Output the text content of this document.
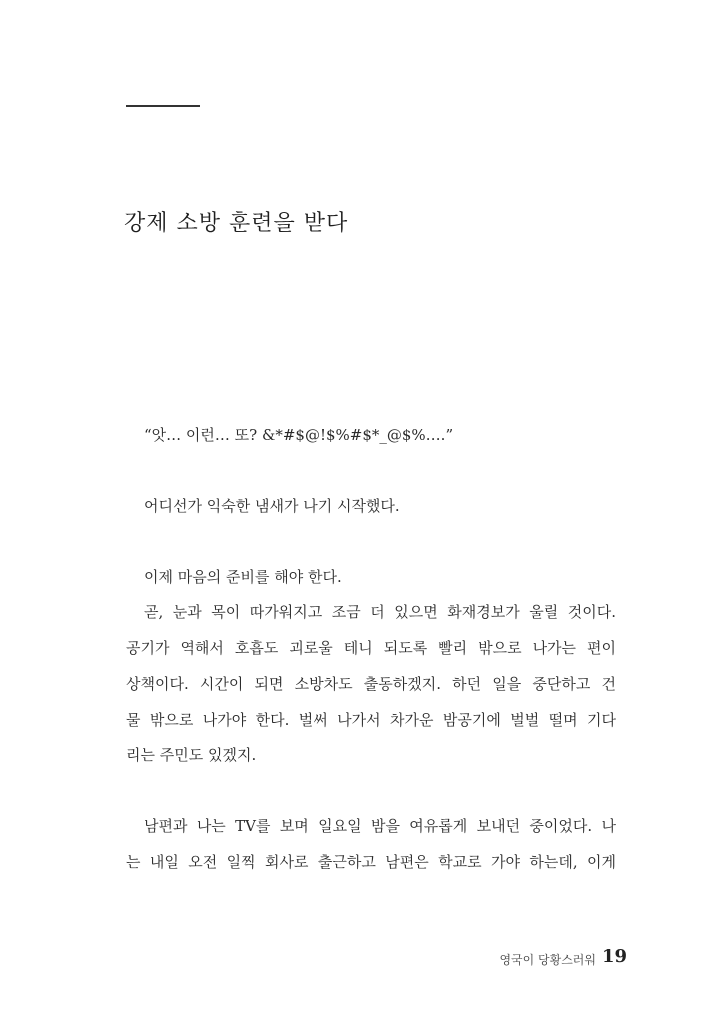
강제 소방 훈련을 받다
“앗… 이런… 또? &*#$@!$%#$*_@$%….”
어디선가 익숙한 냄새가 나기 시작했다.
이제 마음의 준비를 해야 한다.
곧, 눈과 목이 따가워지고 조금 더 있으면 화재경보가 울릴 것이다.
공기가 역해서 호흡도 괴로울 테니 되도록 빨리 밖으로 나가는 편이
상책이다. 시간이 되면 소방차도 출동하겠지. 하던 일을 중단하고 건
물 밖으로 나가야 한다. 벌써 나가서 차가운 밤공기에 벌벌 떨며 기다
리는 주민도 있겠지.
남편과 나는 TV를 보며 일요일 밤을 여유롭게 보내던 중이었다. 나
는 내일 오전 일찍 회사로 출근하고 남편은 학교로 가야 하는데, 이게
영국이 당황스러워 19
